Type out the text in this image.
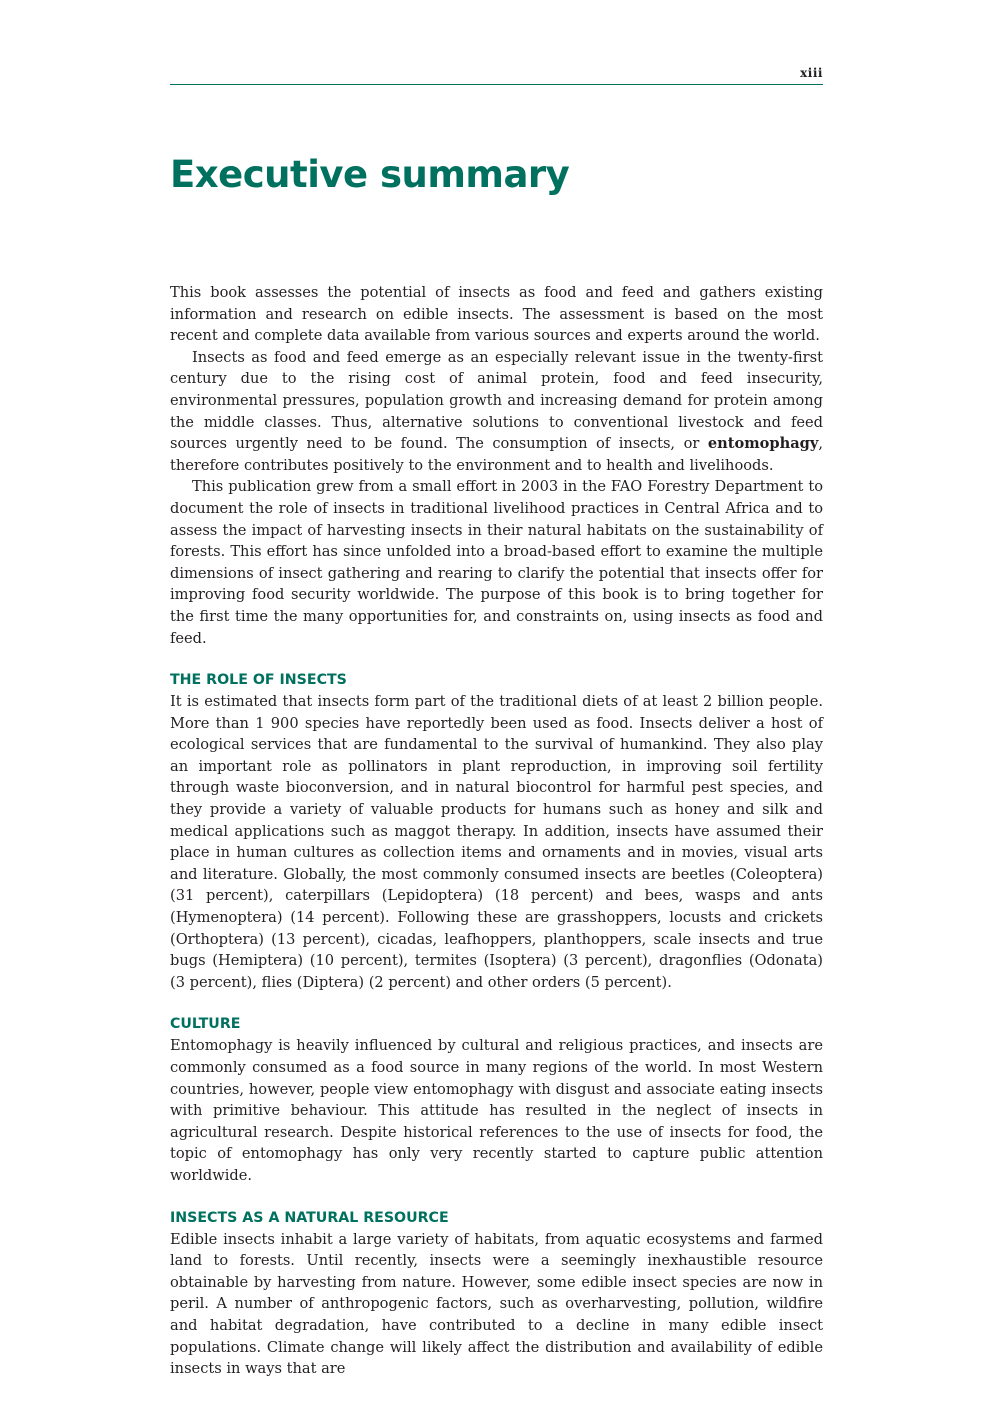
xiii
Executive summary

This book assesses the potential of insects as food and feed and gathers existing information and research on edible insects. The assessment is based on the most recent and complete data available from various sources and experts around the world.

Insects as food and feed emerge as an especially relevant issue in the twenty-first century due to the rising cost of animal protein, food and feed insecurity, environmental pressures, population growth and increasing demand for protein among the middle classes. Thus, alternative solutions to conventional livestock and feed sources urgently need to be found. The consumption of insects, or entomophagy, therefore contributes positively to the environment and to health and livelihoods.

This publication grew from a small effort in 2003 in the FAO Forestry Department to document the role of insects in traditional livelihood practices in Central Africa and to assess the impact of harvesting insects in their natural habitats on the sustainability of forests. This effort has since unfolded into a broad-based effort to examine the multiple dimensions of insect gathering and rearing to clarify the potential that insects offer for improving food security worldwide. The purpose of this book is to bring together for the first time the many opportunities for, and constraints on, using insects as food and feed.

THE ROLE OF INSECTS

It is estimated that insects form part of the traditional diets of at least 2 billion people. More than 1 900 species have reportedly been used as food. Insects deliver a host of ecological services that are fundamental to the survival of humankind. They also play an important role as pollinators in plant reproduction, in improving soil fertility through waste bioconversion, and in natural biocontrol for harmful pest species, and they provide a variety of valuable products for humans such as honey and silk and medical applications such as maggot therapy. In addition, insects have assumed their place in human cultures as collection items and ornaments and in movies, visual arts and literature. Globally, the most commonly consumed insects are beetles (Coleoptera) (31 percent), caterpillars (Lepidoptera) (18 percent) and bees, wasps and ants (Hymenoptera) (14 percent). Following these are grasshoppers, locusts and crickets (Orthoptera) (13 percent), cicadas, leafhoppers, planthoppers, scale insects and true bugs (Hemiptera) (10 percent), termites (Isoptera) (3 percent), dragonflies (Odonata) (3 percent), flies (Diptera) (2 percent) and other orders (5 percent).

CULTURE

Entomophagy is heavily influenced by cultural and religious practices, and insects are commonly consumed as a food source in many regions of the world. In most Western countries, however, people view entomophagy with disgust and associate eating insects with primitive behaviour. This attitude has resulted in the neglect of insects in agricultural research. Despite historical references to the use of insects for food, the topic of entomophagy has only very recently started to capture public attention worldwide.

INSECTS AS A NATURAL RESOURCE

Edible insects inhabit a large variety of habitats, from aquatic ecosystems and farmed land to forests. Until recently, insects were a seemingly inexhaustible resource obtainable by harvesting from nature. However, some edible insect species are now in peril. A number of anthropogenic factors, such as overharvesting, pollution, wildfire and habitat degradation, have contributed to a decline in many edible insect populations. Climate change will likely affect the distribution and availability of edible insects in ways that are
